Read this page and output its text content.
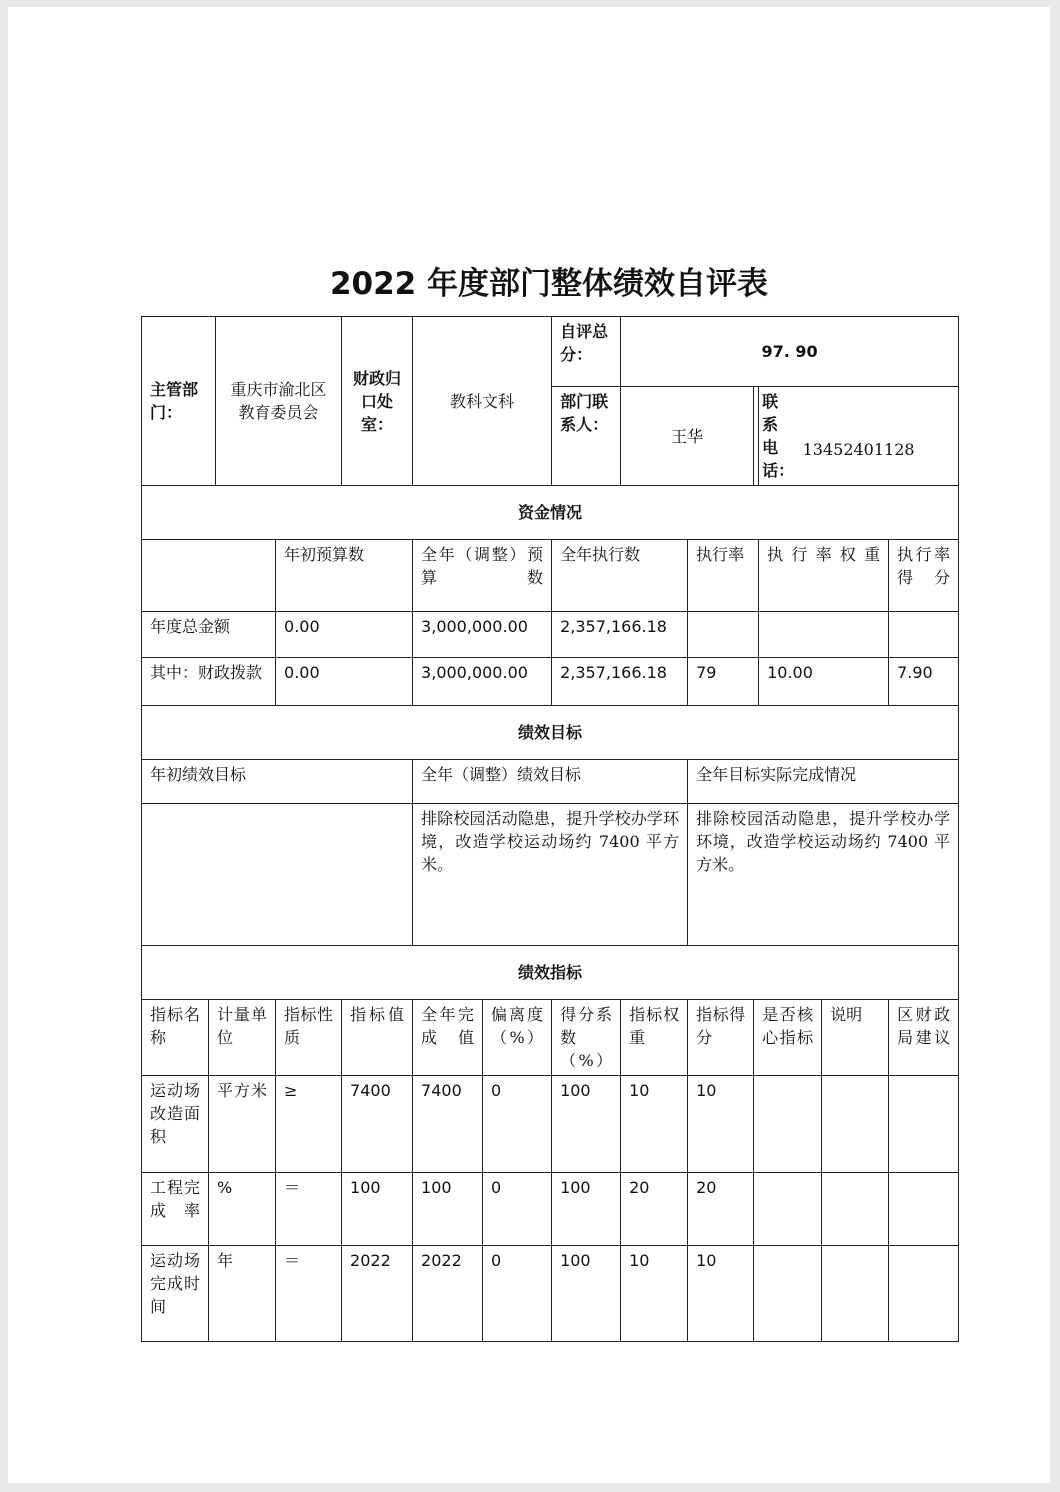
2022 年度部门整体绩效自评表
主管部门：		重庆市渝北区教育委员会		财政归口处室：	教科文科		自评总分：	97. 90					
							部门联系人：	王华		联系电话：	13452401128		
资金情况													
			年初预算数		全年（调整）预算数		全年执行数		执行率		执行率权重		执行率得分
年度总金额			0.00		3,000,000.00		2,357,166.18						
其中：财政拨款			0.00		3,000,000.00		2,357,166.18		79		10.00		7.90
绩效目标													
年初绩效目标					全年（调整）绩效目标				全年目标实际完成情况				
					排除校园活动隐患，提升学校办学环境，改造学校运动场约 7400 平方米。				排除校园活动隐患，提升学校办学环境，改造学校运动场约 7400 平方米。				
绩效指标													
指标名称	计量单位		指标性质	指标值	全年完成值	偏离度（%）	得分系数（%）	指标权重	指标得分	是否核心指标		说明	区财政局建议
运动场改造面积	平方米		≥	7400	7400	0	100	10	10				
工程完成率	%		＝	100	100	0	100	20	20				
运动场完成时间	年		＝	2022	2022	0	100	10	10				
